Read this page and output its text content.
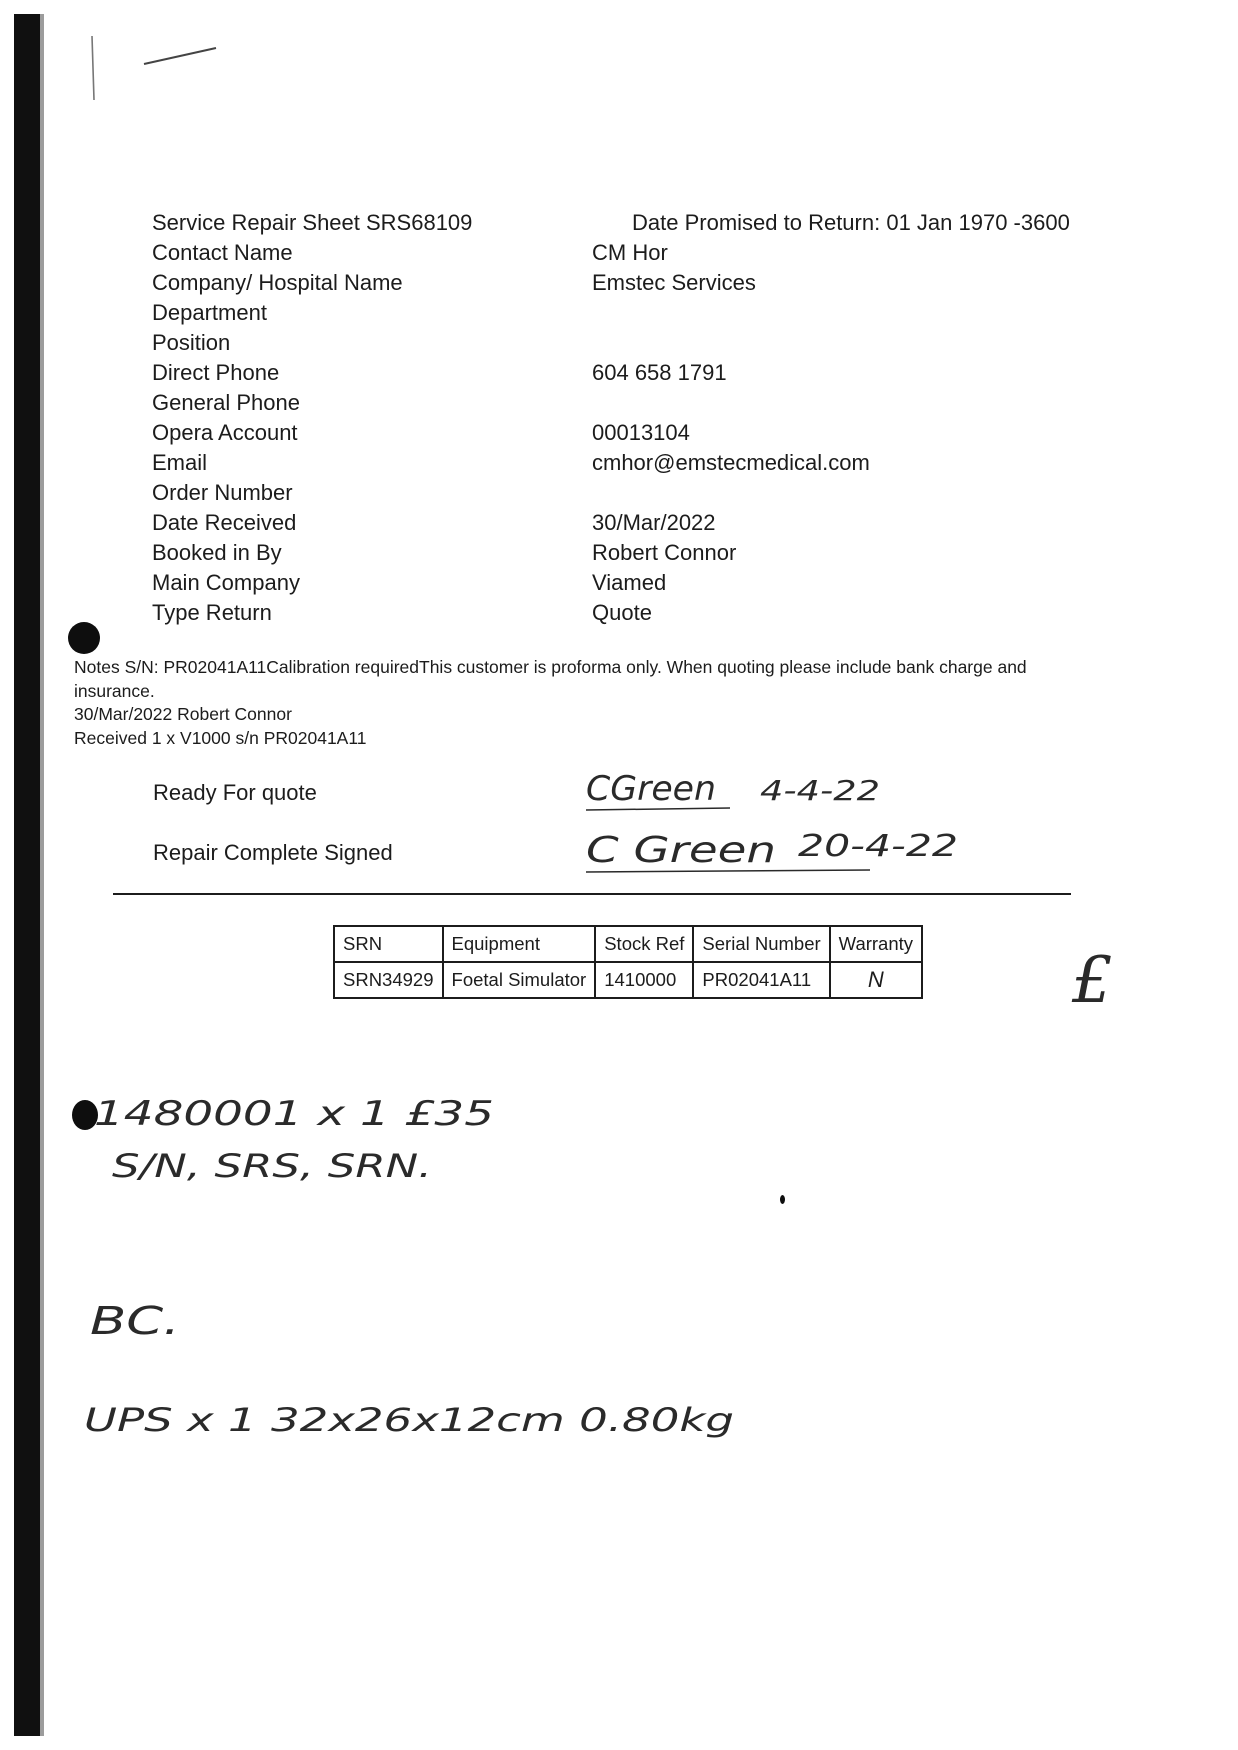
Service Repair Sheet SRS68109	Date Promised to Return: 01 Jan 1970 -3600
Contact Name	CM Hor
Company/ Hospital Name	Emstec Services
Department
Position
Direct Phone	604 658 1791
General Phone
Opera Account	00013104
Email	cmhor@emstecmedical.com
Order Number
Date Received	30/Mar/2022
Booked in By	Robert Connor
Main Company	Viamed
Type Return	Quote

Notes S/N: PR02041A11Calibration requiredThis customer is proforma only. When quoting please include bank charge and

insurance.

30/Mar/2022 Robert Connor

Received 1 x V1000 s/n PR02041A11

Ready For quote	CGreen 4-4-22
Repair Complete Signed	C Green 20-4-22
SRN	Equipment	Stock Ref	Serial Number	Warranty
SRN34929	Foetal Simulator	1410000	PR02041A11	N	£
1480001 x 1 £35
S/N, SRS, SRN.
BC.
UPS x 1 32x26x12cm 0.80kg
